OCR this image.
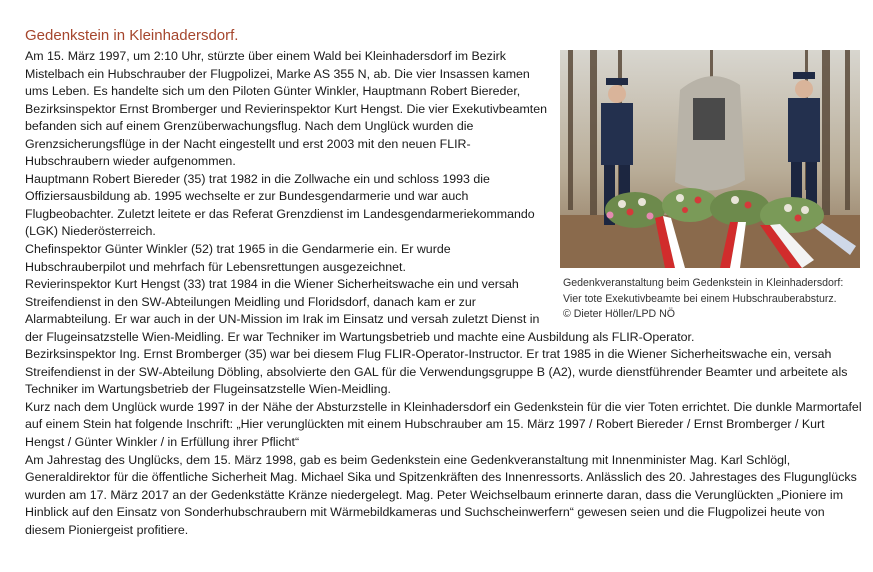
Gedenkstein in Kleinhadersdorf.
Gedenkveranstaltung beim Gedenkstein in Kleinhadersdorf:
Vier tote Exekutivbeamte bei einem Hubschrauberabsturz.
© Dieter Höller/LPD NÖ

Am 15. März 1997, um 2:10 Uhr, stürzte über einem Wald bei Kleinhadersdorf im Bezirk Mistelbach ein Hubschrauber der Flugpolizei, Marke AS 355 N, ab. Die vier Insassen kamen ums Leben. Es handelte sich um den Piloten Günter Winkler, Hauptmann Robert Biereder, Bezirksinspektor Ernst Bromberger und Revierinspektor Kurt Hengst. Die vier Exekutivbeamten befanden sich auf einem Grenzüberwachungsflug. Nach dem Unglück wurden die Grenzsicherungsflüge in der Nacht eingestellt und erst 2003 mit den neuen FLIR-Hubschraubern wieder aufgenommen.

Hauptmann Robert Biereder (35) trat 1982 in die Zollwache ein und schloss 1993 die Offiziersausbildung ab. 1995 wechselte er zur Bundesgendarmerie und war auch Flugbeobachter. Zuletzt leitete er das Referat Grenzdienst im Landesgendarmeriekommando (LGK) Niederösterreich.

Chefinspektor Günter Winkler (52) trat 1965 in die Gendarmerie ein. Er wurde Hubschrauberpilot und mehrfach für Lebensrettungen ausgezeichnet.

Revierinspektor Kurt Hengst (33) trat 1984 in die Wiener Sicherheitswache ein und versah Streifendienst in den SW-Abteilungen Meidling und Floridsdorf, danach kam er zur Alarmabteilung. Er war auch in der UN-Mission im Irak im Einsatz und versah zuletzt Dienst in der Flugeinsatzstelle Wien-Meidling. Er war Techniker im Wartungsbetrieb und machte eine Ausbildung als FLIR-Operator.

Bezirksinspektor Ing. Ernst Bromberger (35) war bei diesem Flug FLIR-Operator-Instructor. Er trat 1985 in die Wiener Sicherheitswache ein, versah Streifendienst in der SW-Abteilung Döbling, absolvierte den GAL für die Verwendungsgruppe B (A2), wurde dienstführender Beamter und arbeitete als Techniker im Wartungsbetrieb der Flugeinsatzstelle Wien-Meidling.

Kurz nach dem Unglück wurde 1997 in der Nähe der Absturzstelle in Kleinhadersdorf ein Gedenkstein für die vier Toten errichtet. Die dunkle Marmortafel auf einem Stein hat folgende Inschrift: „Hier verunglückten mit einem Hubschrauber am 15. März 1997 / Robert Biereder / Ernst Bromberger / Kurt Hengst / Günter Winkler / in Erfüllung ihrer Pflicht“

Am Jahrestag des Unglücks, dem 15. März 1998, gab es beim Gedenkstein eine Gedenkveranstaltung mit Innenminister Mag. Karl Schlögl, Generaldirektor für die öffentliche Sicherheit Mag. Michael Sika und Spitzenkräften des Innenressorts. Anlässlich des 20. Jahrestages des Flugunglücks wurden am 17. März 2017 an der Gedenkstätte Kränze niedergelegt. Mag. Peter Weichselbaum erinnerte daran, dass die Verunglückten „Pioniere im Hinblick auf den Einsatz von Sonderhubschraubern mit Wärmebildkameras und Suchscheinwerfern“ gewesen seien und die Flugpolizei heute von diesem Pioniergeist profitiere.
